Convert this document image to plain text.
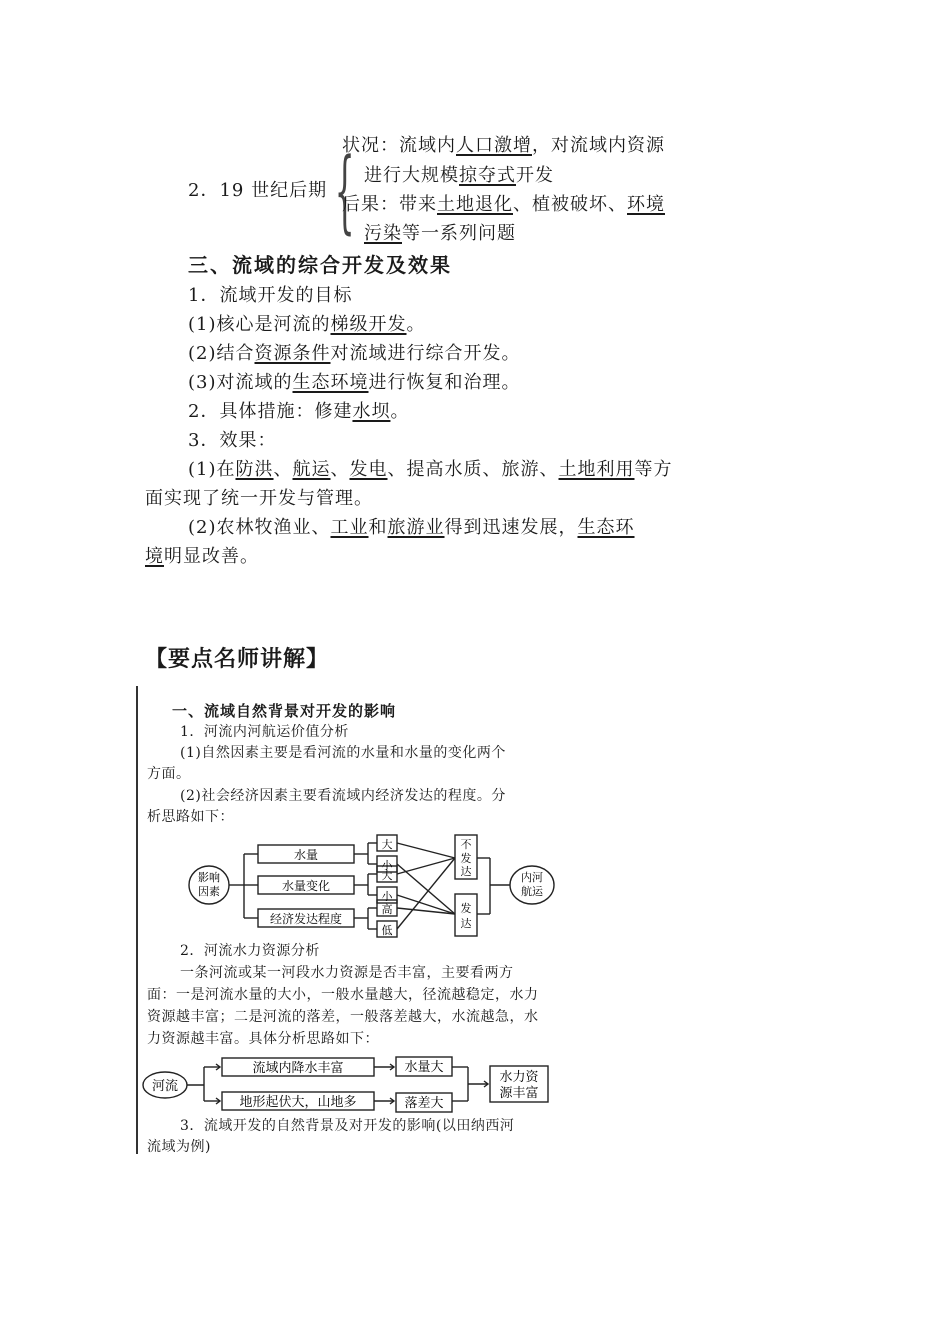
{
状况：流域内人口激增，对流域内资源
进行大规模掠夺式开发
2．19 世纪后期
后果：带来土地退化、植被破坏、环境
污染等一系列问题
三、流域的综合开发及效果
1．流域开发的目标
(1)核心是河流的梯级开发。
(2)结合资源条件对流域进行综合开发。
(3)对流域的生态环境进行恢复和治理。
2．具体措施：修建水坝。
3．效果：
(1)在防洪、航运、发电、提高水质、旅游、土地利用等方
面实现了统一开发与管理。
(2)农林牧渔业、工业和旅游业得到迅速发展，生态环
境明显改善。
【要点名师讲解】
一、流域自然背景对开发的影响
1．河流内河航运价值分析
(1)自然因素主要是看河流的水量和水量的变化两个
方面。
(2)社会经济因素主要看流域内经济发达的程度。分
析思路如下：
影响
因素
水量
水量变化
经济发达程度
大
小
大
小
高
低
不
发
达
发
达
内河
航运
2．河流水力资源分析
一条河流或某一河段水力资源是否丰富，主要看两方
面：一是河流水量的大小，一般水量越大，径流越稳定，水力
资源越丰富；二是河流的落差，一般落差越大，水流越急，水
力资源越丰富。具体分析思路如下：
河流
流域内降水丰富
地形起伏大，山地多
水量大
落差大
水力资
源丰富
3．流域开发的自然背景及对开发的影响(以田纳西河
流域为例)
